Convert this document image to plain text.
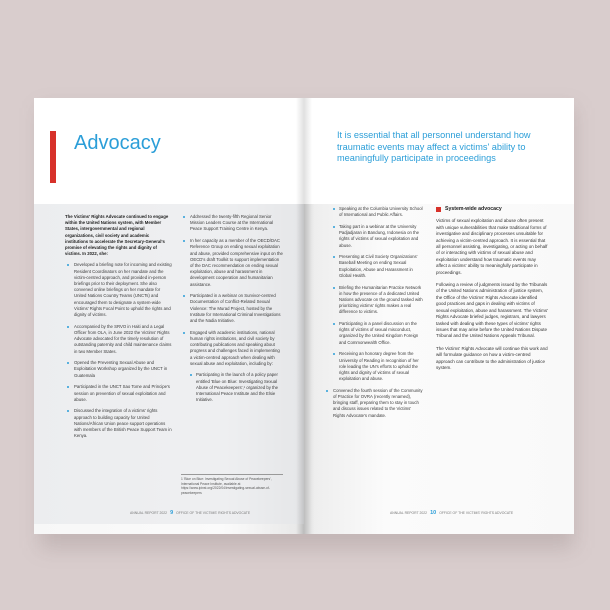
Advocacy

The Victims' Rights Advocate continued to engage within the United Nations system, with Member States, intergovernmental and regional organizations, civil society and academic institutions to accelerate the Secretary-General's promise of elevating the rights and dignity of victims. In 2022, she:

Developed a briefing note for incoming and existing Resident Coordinators on her mandate and the victim-centred approach, and provided in-person briefings prior to their deployment. She also convened online briefings on her mandate for United Nations Country Teams (UNCTs) and encouraged them to designate a system-wide Victims' Rights Focal Point to uphold the rights and dignity of victims.
Accompanied by the SRVO in Haiti and a Legal Officer from OLA, in June 2022 the Victims' Rights Advocate advocated for the timely resolution of outstanding paternity and child maintenance claims in two Member States.
Opened the Preventing Sexual Abuse and Exploitation Workshop organized by the UNCT in Guatemala
Participated in the UNCT Sao Tome and Principe's session on prevention of sexual exploitation and abuse.
Discussed the integration of a victims' rights approach to building capacity for United Nations/African Union peace support operations with members of the British Peace Support Team in Kenya.
Addressed the twenty-fifth Regional Senior Mission Leaders Course at the International Peace Support Training Centre in Kenya.
In her capacity as a member of the OECD/DAC Reference Group on ending sexual exploitation and abuse, provided comprehensive input on the OECD's draft Toolkit to support implementation of the DAC recommendation on ending sexual exploitation, abuse and harassment in development cooperation and humanitarian assistance.
Participated in a webinar on Survivor-centred Documentation of Conflict-Related Sexual Violence: The Murad Project, hosted by the Institute for International Criminal Investigations and the Nadia Initiative.
Engaged with academic institutions, national human rights institutions, and civil society by contributing publications and speaking about progress and challenges faced in implementing a victim-centred approach when dealing with sexual abuse and exploitation, including by:
Participating in the launch of a policy paper entitled 'Blue on Blue: Investigating Sexual Abuse of Peacekeepers',¹ organized by the International Peace Institute and the Elsie Initiative.
1 'Blue on Blue: Investigating Sexual Abuse of Peacekeepers', International Peace Institute, available at https://www.ipinst.org/2022/04/investigating-sexual-abuse-of-peacekeepers
ANNUAL REPORT 2022 9 OFFICE OF THE VICTIMS' RIGHTS ADVOCATE

It is essential that all personnel understand how traumatic events may affect a victims' ability to meaningfully participate in proceedings

Speaking at the Columbia University School of International and Public Affairs.
Taking part in a webinar at the University Padjadjaran in Bandung, Indonesia on the rights of victims of sexual exploitation and abuse.
Presenting at Civil Society Organizations' Baseball Meeting on ending Sexual Exploitation, Abuse and Harassment in Global Health.
Briefing the Humanitarian Practice Network in how the presence of a dedicated United Nations advocate on the ground tasked with prioritizing victims' rights makes a real difference to victims.
Participating in a panel discussion on the rights of victims of sexual misconduct, organized by the United Kingdom Foreign and Commonwealth Office.
Receiving an honorary degree from the University of Reading in recognition of her role leading the UN's efforts to uphold the rights and dignity of victims of sexual exploitation and abuse.
Convened the fourth session of the Community of Practice for OVRA (recently renamed), bringing staff, preparing them to stay in touch and discuss issues related to the Victims' Rights Advocate's mandate.

System-wide advocacy

Victims of sexual exploitation and abuse often present with unique vulnerabilities that make traditional forms of investigative and disciplinary processes unsuitable for achieving a victim-centred approach. It is essential that all personnel assisting, investigating, or acting on behalf of or interacting with victims of sexual abuse and exploitation understand how traumatic events may affect a victims' ability to meaningfully participate in proceedings.

Following a review of judgments issued by the Tribunals of the United Nations administration of justice system, the Office of the Victims' Rights Advocate identified good practices and gaps in dealing with victims of sexual exploitation, abuse and harassment. The Victims' Rights Advocate briefed judges, registrars, and lawyers tasked with dealing with these types of victims' rights issues that may arise before the United Nations Dispute Tribunal and the United Nations Appeals Tribunal.

The Victims' Rights Advocate will continue this work and will formulate guidance on how a victim-centred approach can contribute to the administration of justice system.

ANNUAL REPORT 2022 10 OFFICE OF THE VICTIMS' RIGHTS ADVOCATE
